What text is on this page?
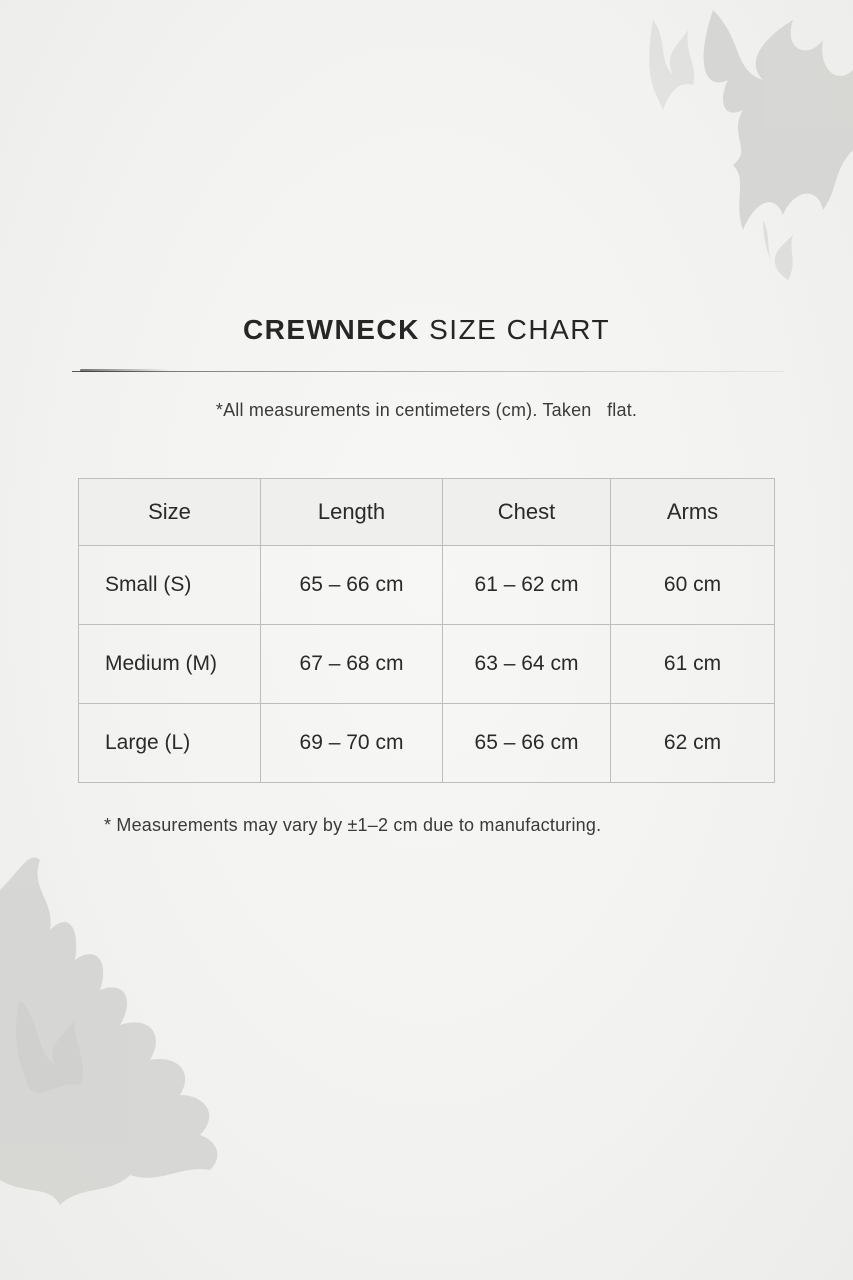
CREWNECK SIZE CHART
*All measurements in centimeters (cm). Taken   flat.
Size	Length	Chest	Arms
Small (S)	65 – 66 cm	61 – 62 cm	60 cm
Medium (M)	67 – 68 cm	63 – 64 cm	61 cm
Large (L)	69 – 70 cm	65 – 66 cm	62 cm
* Measurements may vary by ±1–2 cm due to manufacturing.
